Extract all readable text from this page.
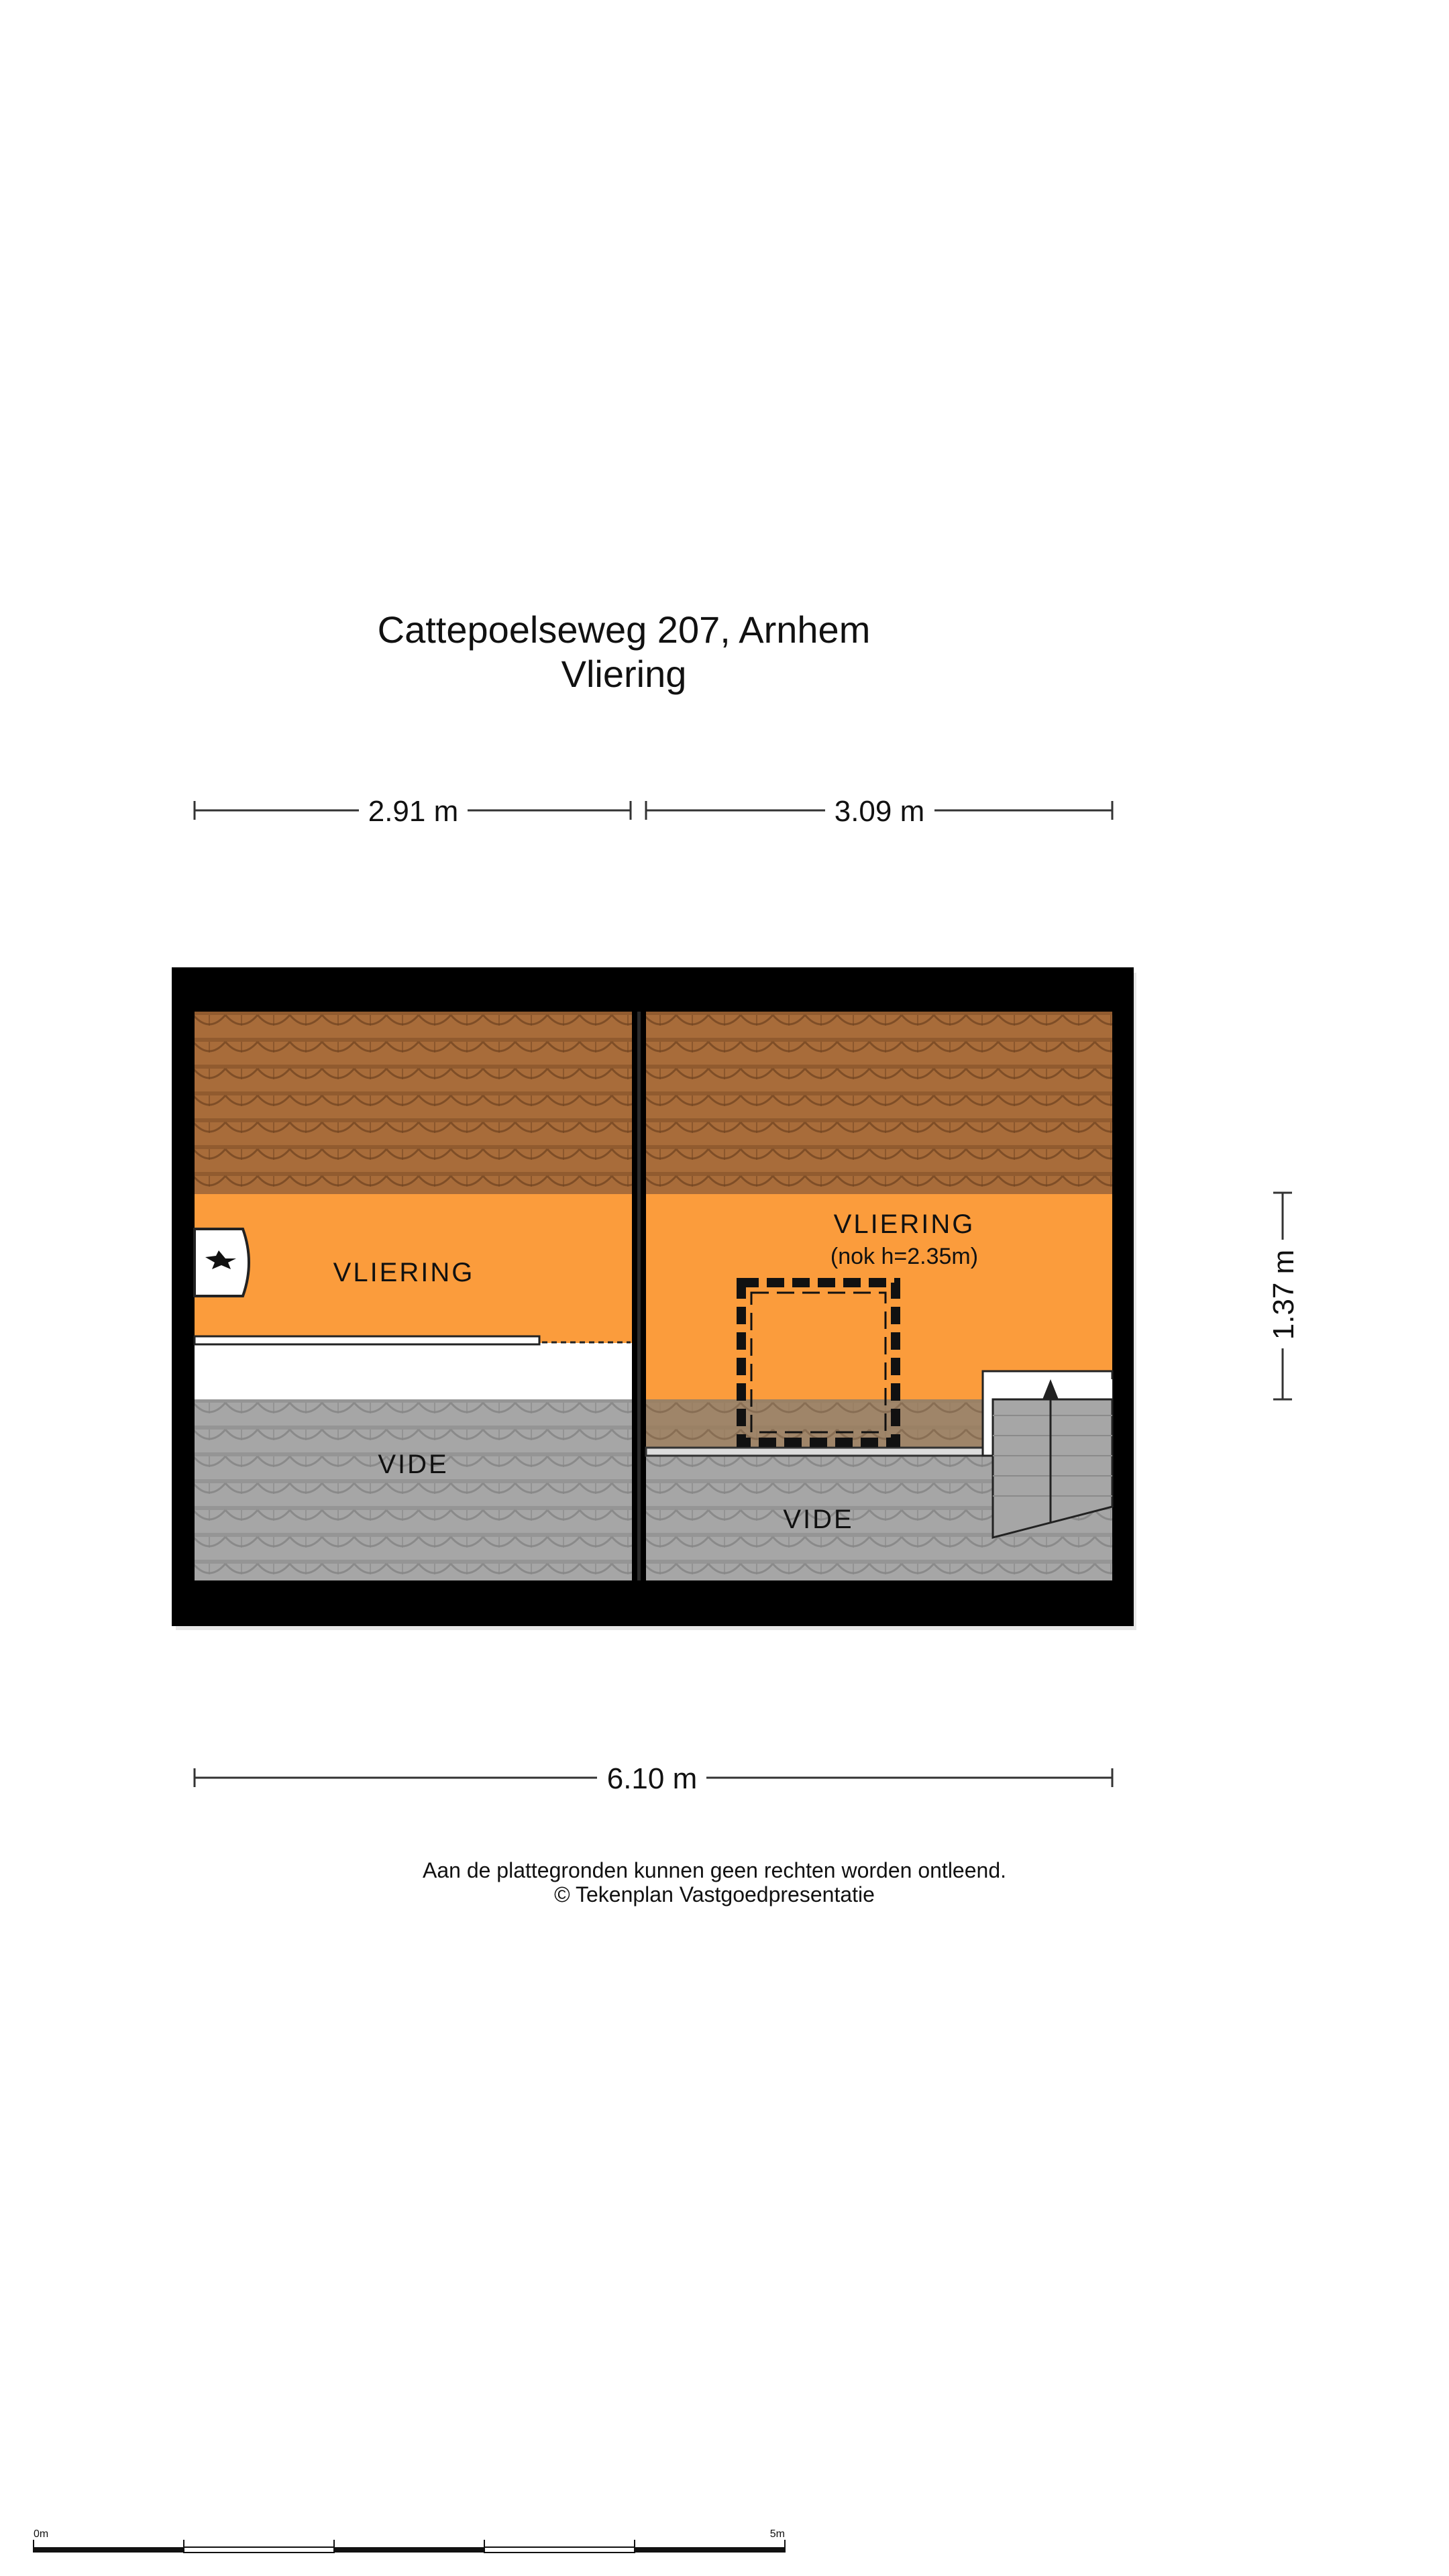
Cattepoelseweg 207, Arnhem
Vliering
2.91 m	3.09 m
VLIERING
VIDE
VLIERING
(nok h=2.35m)
VIDE
1.37 m
6.10 m
0m	5m
Aan de plattegronden kunnen geen rechten worden ontleend.
© Tekenplan Vastgoedpresentatie
